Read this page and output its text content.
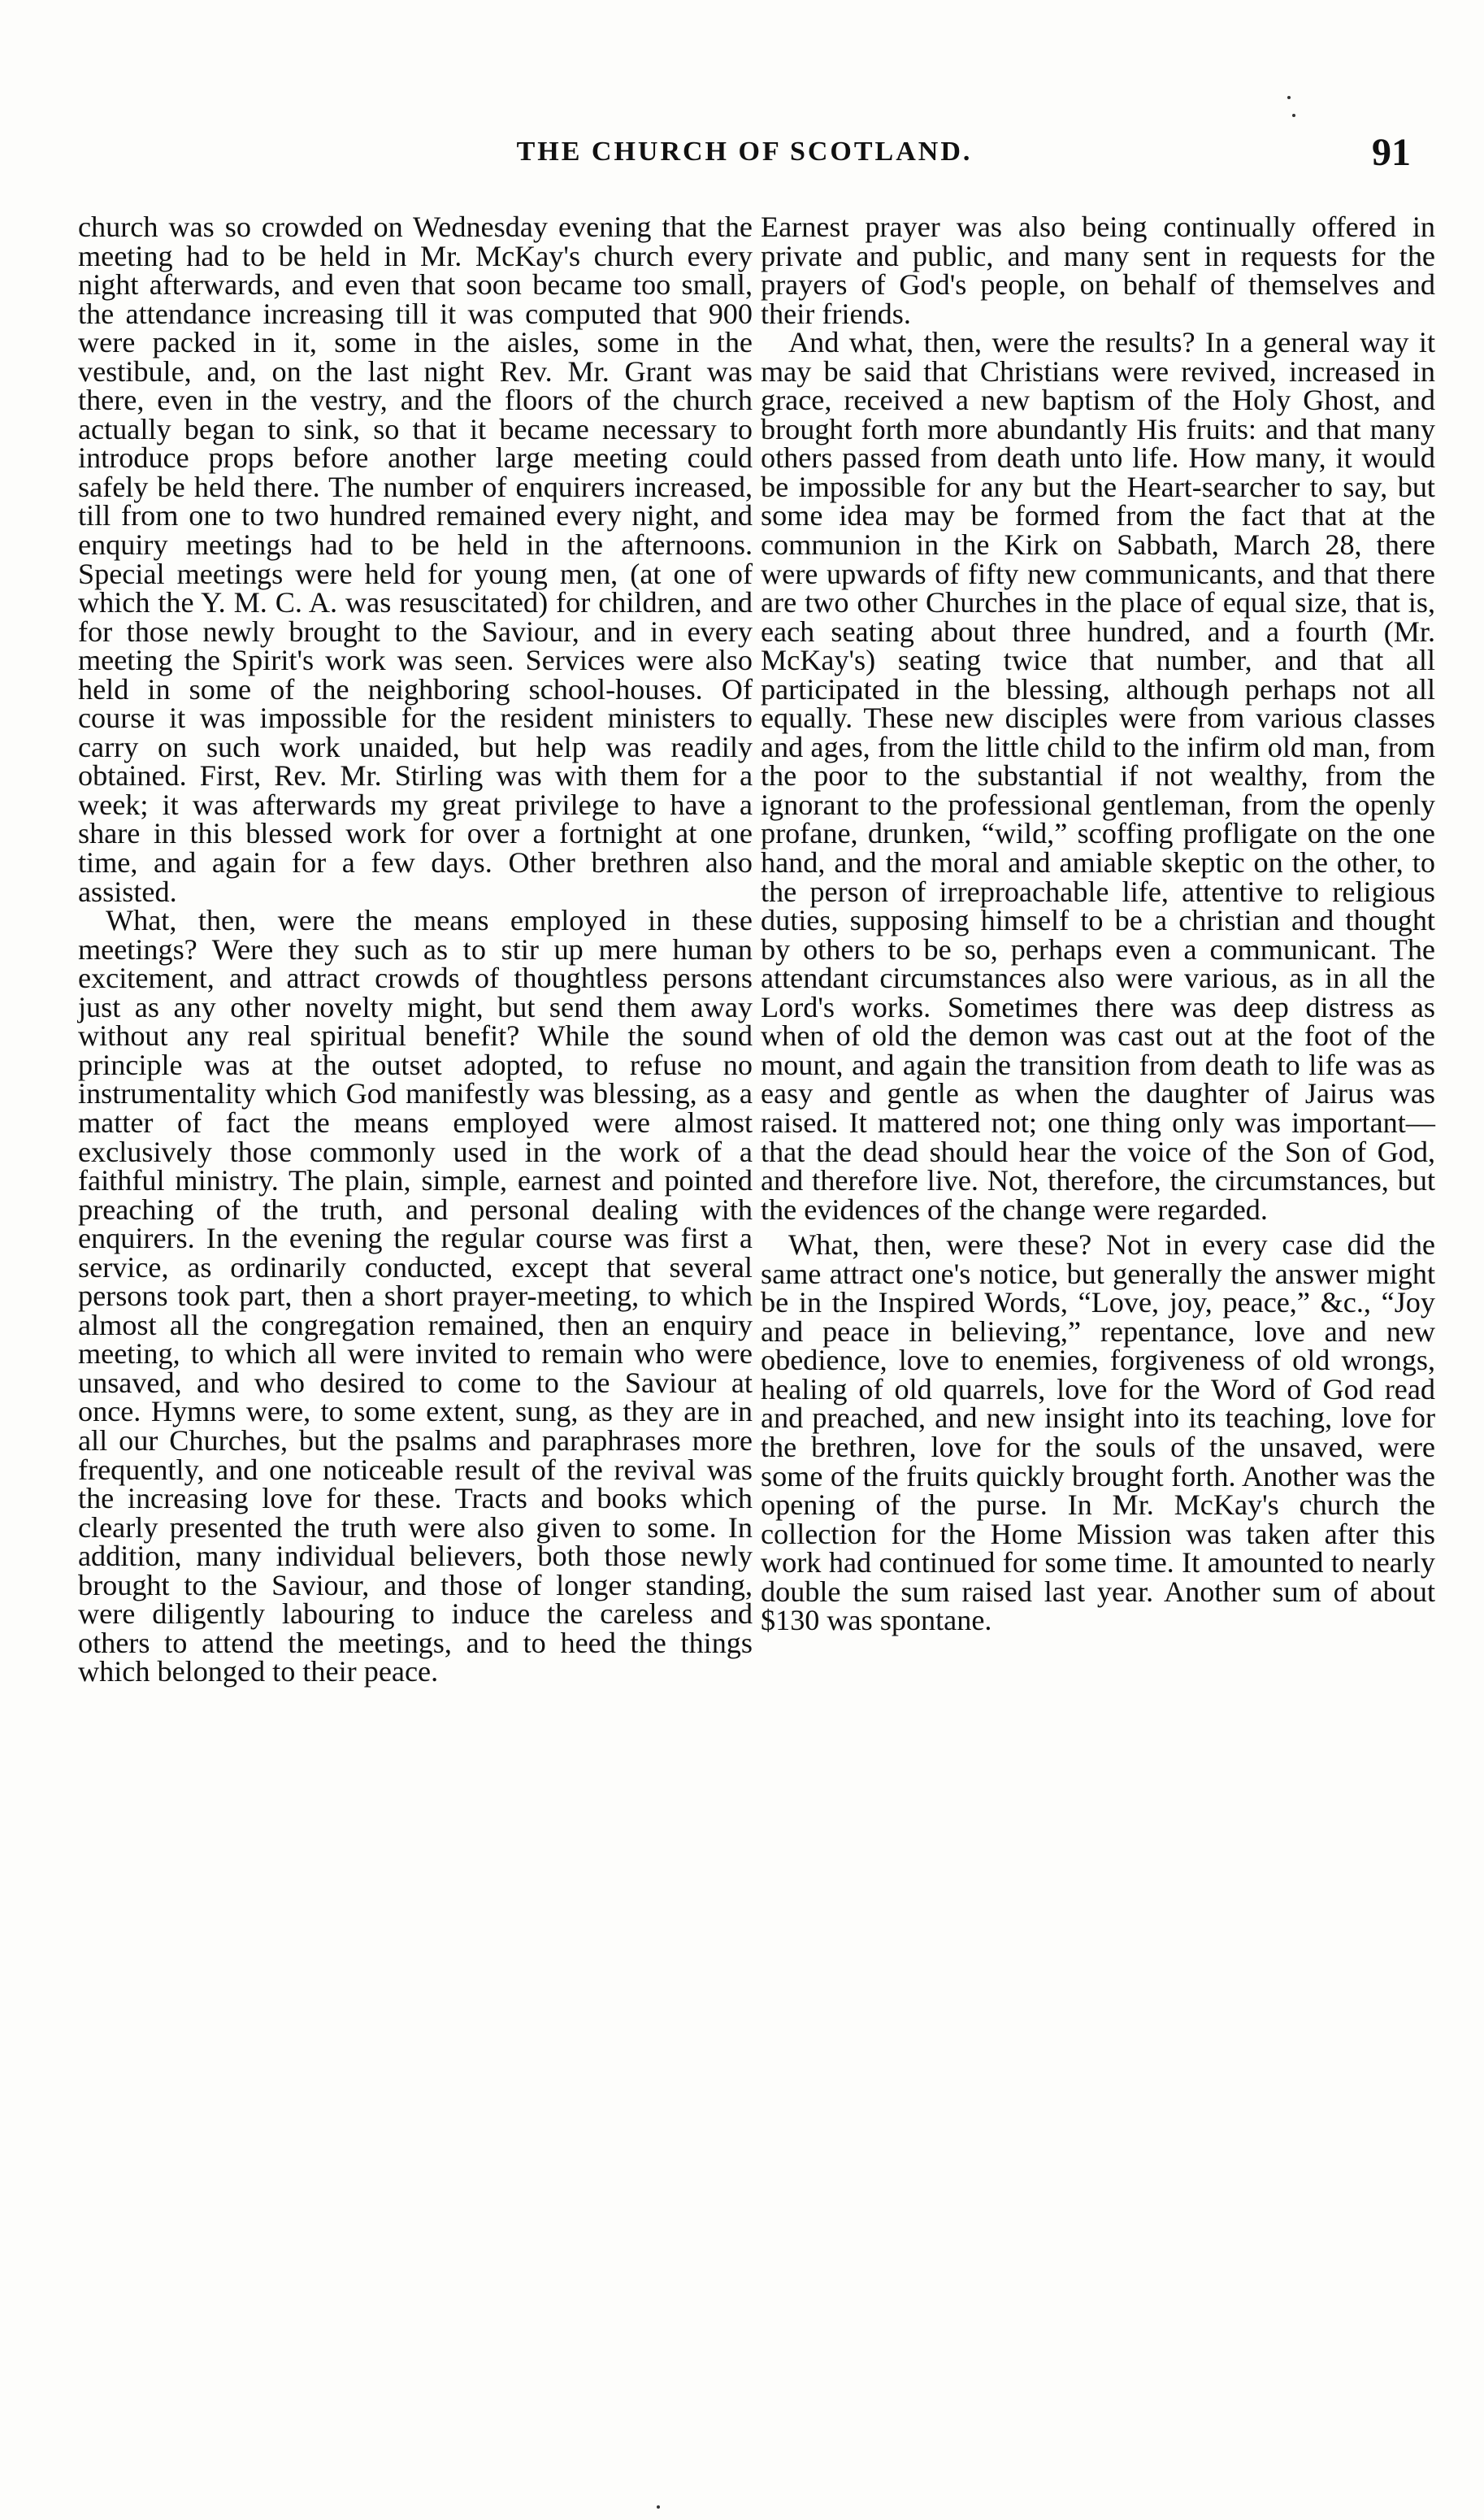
THE CHURCH OF SCOTLAND.	91

church was so crowded on Wednesday evening that the meeting had to be held in Mr. McKay's church every night afterwards, and even that soon became too small, the attendance increasing till it was computed that 900 were packed in it, some in the aisles, some in the vestibule, and, on the last night Rev. Mr. Grant was there, even in the vestry, and the floors of the church actually began to sink, so that it became necessary to introduce props before another large meeting could safely be held there. The number of enquirers increased, till from one to two hundred remained every night, and enquiry meetings had to be held in the afternoons. Special meetings were held for young men, (at one of which the Y. M. C. A. was resuscitated) for children, and for those newly brought to the Saviour, and in every meeting the Spirit's work was seen. Services were also held in some of the neighboring school-houses. Of course it was impossible for the resident ministers to carry on such work unaided, but help was readily obtained. First, Rev. Mr. Stirling was with them for a week; it was afterwards my great privilege to have a share in this blessed work for over a fortnight at one time, and again for a few days. Other brethren also assisted.

What, then, were the means employed in these meetings? Were they such as to stir up mere human excitement, and attract crowds of thoughtless persons just as any other novelty might, but send them away without any real spiritual benefit? While the sound principle was at the outset adopted, to refuse no instrumentality which God manifestly was blessing, as a matter of fact the means employed were almost exclusively those commonly used in the work of a faithful ministry. The plain, simple, earnest and pointed preaching of the truth, and personal dealing with enquirers. In the evening the regular course was first a service, as ordinarily conducted, except that several persons took part, then a short prayer-meeting, to which almost all the congregation remained, then an enquiry meeting, to which all were invited to remain who were unsaved, and who desired to come to the Saviour at once. Hymns were, to some extent, sung, as they are in all our Churches, but the psalms and paraphrases more frequently, and one noticeable result of the revival was the increasing love for these. Tracts and books which clearly presented the truth were also given to some. In addition, many individual believers, both those newly brought to the Saviour, and those of longer standing, were diligently labouring to induce the careless and others to attend the meetings, and to heed the things which belonged to their peace.

Earnest prayer was also being continually offered in private and public, and many sent in requests for the prayers of God's people, on behalf of themselves and their friends.

And what, then, were the results? In a general way it may be said that Christians were revived, increased in grace, received a new baptism of the Holy Ghost, and brought forth more abundantly His fruits: and that many others passed from death unto life. How many, it would be impossible for any but the Heart-searcher to say, but some idea may be formed from the fact that at the communion in the Kirk on Sabbath, March 28, there were upwards of fifty new communicants, and that there are two other Churches in the place of equal size, that is, each seating about three hundred, and a fourth (Mr. McKay's) seating twice that number, and that all participated in the blessing, although perhaps not all equally. These new disciples were from various classes and ages, from the little child to the infirm old man, from the poor to the substantial if not wealthy, from the ignorant to the professional gentleman, from the openly profane, drunken, “wild,” scoffing profligate on the one hand, and the moral and amiable skeptic on the other, to the person of irreproachable life, attentive to religious duties, supposing himself to be a christian and thought by others to be so, perhaps even a communicant. The attendant circumstances also were various, as in all the Lord's works. Sometimes there was deep distress as when of old the demon was cast out at the foot of the mount, and again the transition from death to life was as easy and gentle as when the daughter of Jairus was raised. It mattered not; one thing only was important—that the dead should hear the voice of the Son of God, and therefore live. Not, therefore, the circumstances, but the evidences of the change were regarded.

What, then, were these? Not in every case did the same attract one's notice, but generally the answer might be in the Inspired Words, “Love, joy, peace,” &c., “Joy and peace in believing,” repentance, love and new obedience, love to enemies, forgiveness of old wrongs, healing of old quarrels, love for the Word of God read and preached, and new insight into its teaching, love for the brethren, love for the souls of the unsaved, were some of the fruits quickly brought forth. Another was the opening of the purse. In Mr. McKay's church the collection for the Home Mission was taken after this work had continued for some time. It amounted to nearly double the sum raised last year. Another sum of about $130 was spontane.
